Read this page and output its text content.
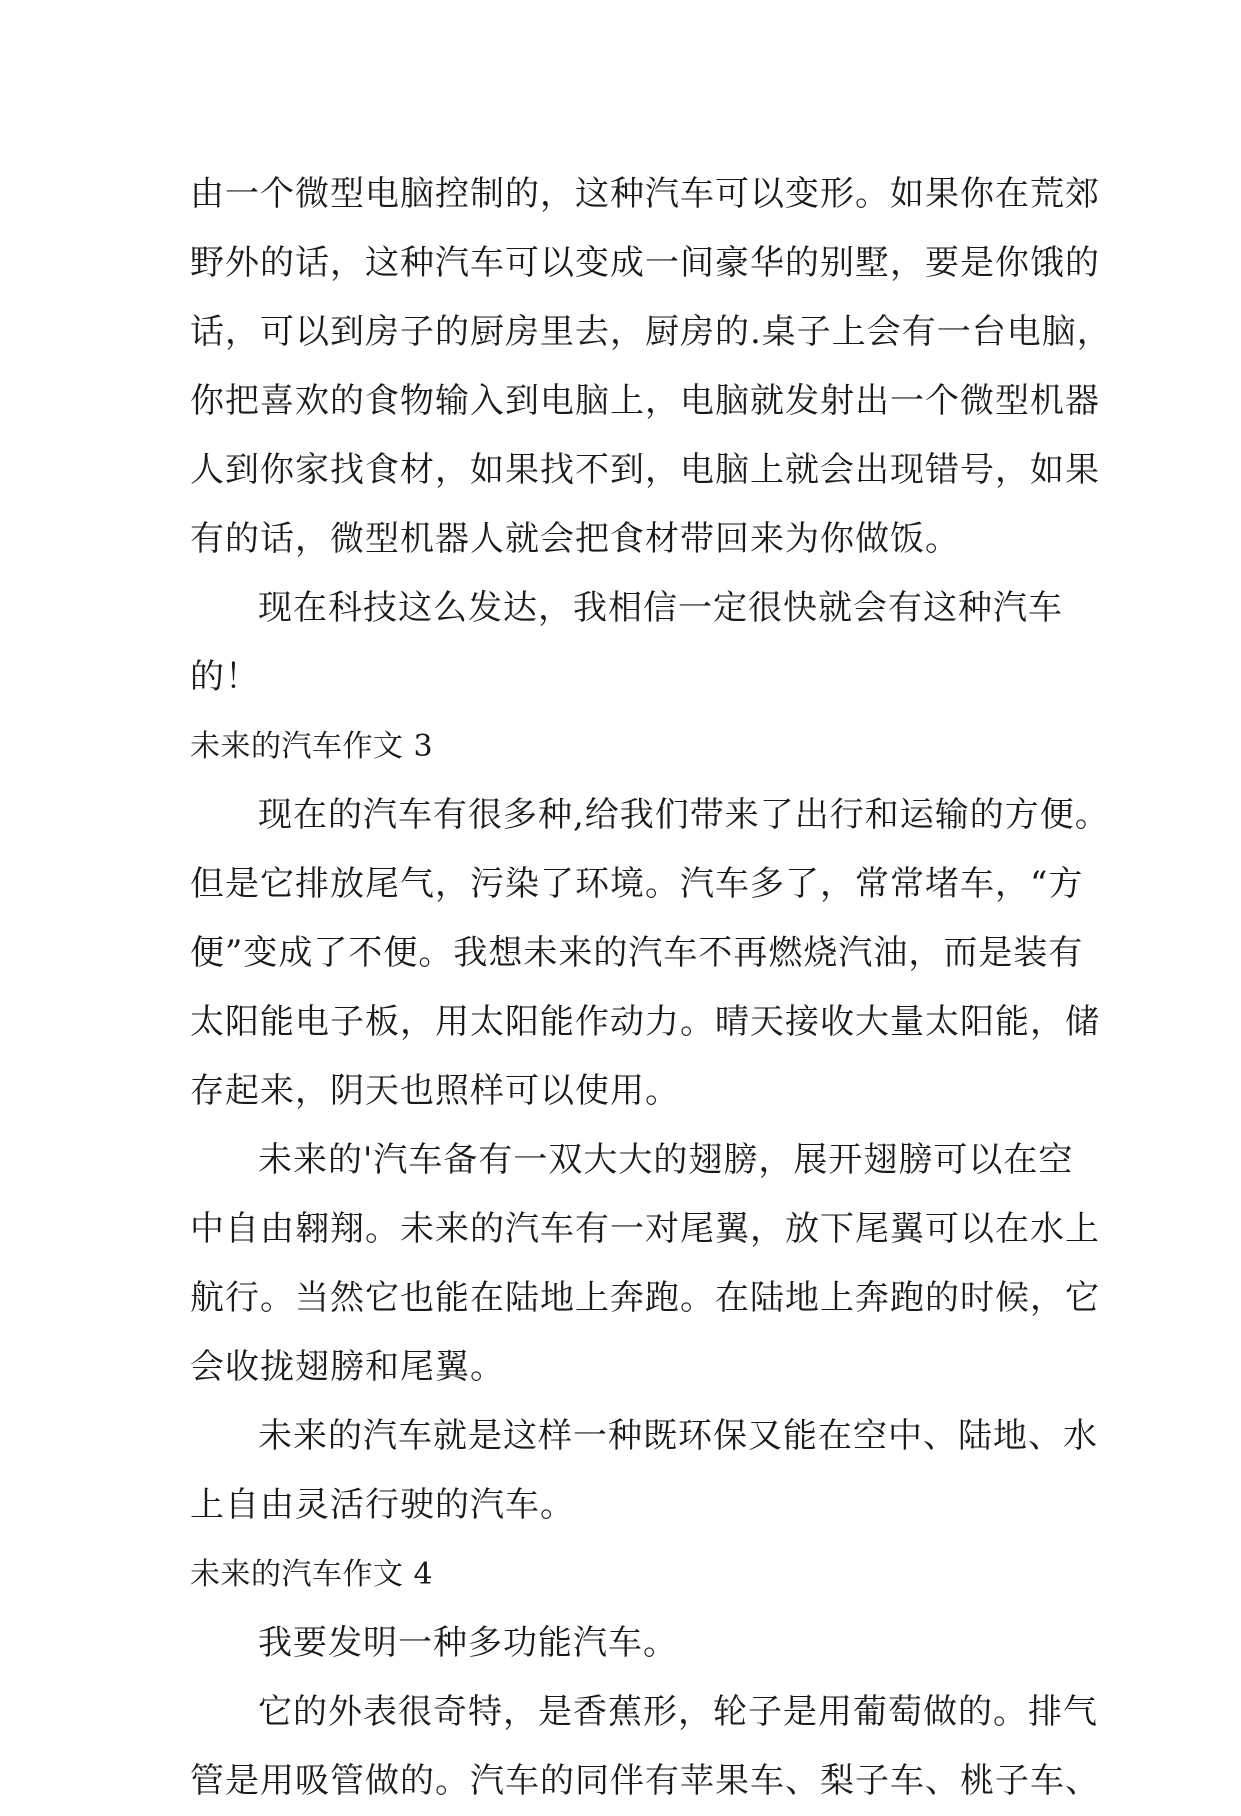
由一个微型电脑控制的，这种汽车可以变形。如果你在荒郊
野外的话，这种汽车可以变成一间豪华的别墅，要是你饿的
话，可以到房子的厨房里去，厨房的.桌子上会有一台电脑，
你把喜欢的食物输入到电脑上，电脑就发射出一个微型机器
人到你家找食材，如果找不到，电脑上就会出现错号，如果
有的话，微型机器人就会把食材带回来为你做饭。
现在科技这么发达，我相信一定很快就会有这种汽车
的！
未来的汽车作文 3
现在的汽车有很多种,给我们带来了出行和运输的方便。
但是它排放尾气，污染了环境。汽车多了，常常堵车，“方
便”变成了不便。我想未来的汽车不再燃烧汽油，而是装有
太阳能电子板，用太阳能作动力。晴天接收大量太阳能，储
存起来，阴天也照样可以使用。
未来的'汽车备有一双大大的翅膀，展开翅膀可以在空
中自由翱翔。未来的汽车有一对尾翼，放下尾翼可以在水上
航行。当然它也能在陆地上奔跑。在陆地上奔跑的时候，它
会收拢翅膀和尾翼。
未来的汽车就是这样一种既环保又能在空中、陆地、水
上自由灵活行驶的汽车。
未来的汽车作文 4
我要发明一种多功能汽车。
它的外表很奇特，是香蕉形，轮子是用葡萄做的。排气
管是用吸管做的。汽车的同伴有苹果车、梨子车、桃子车、
